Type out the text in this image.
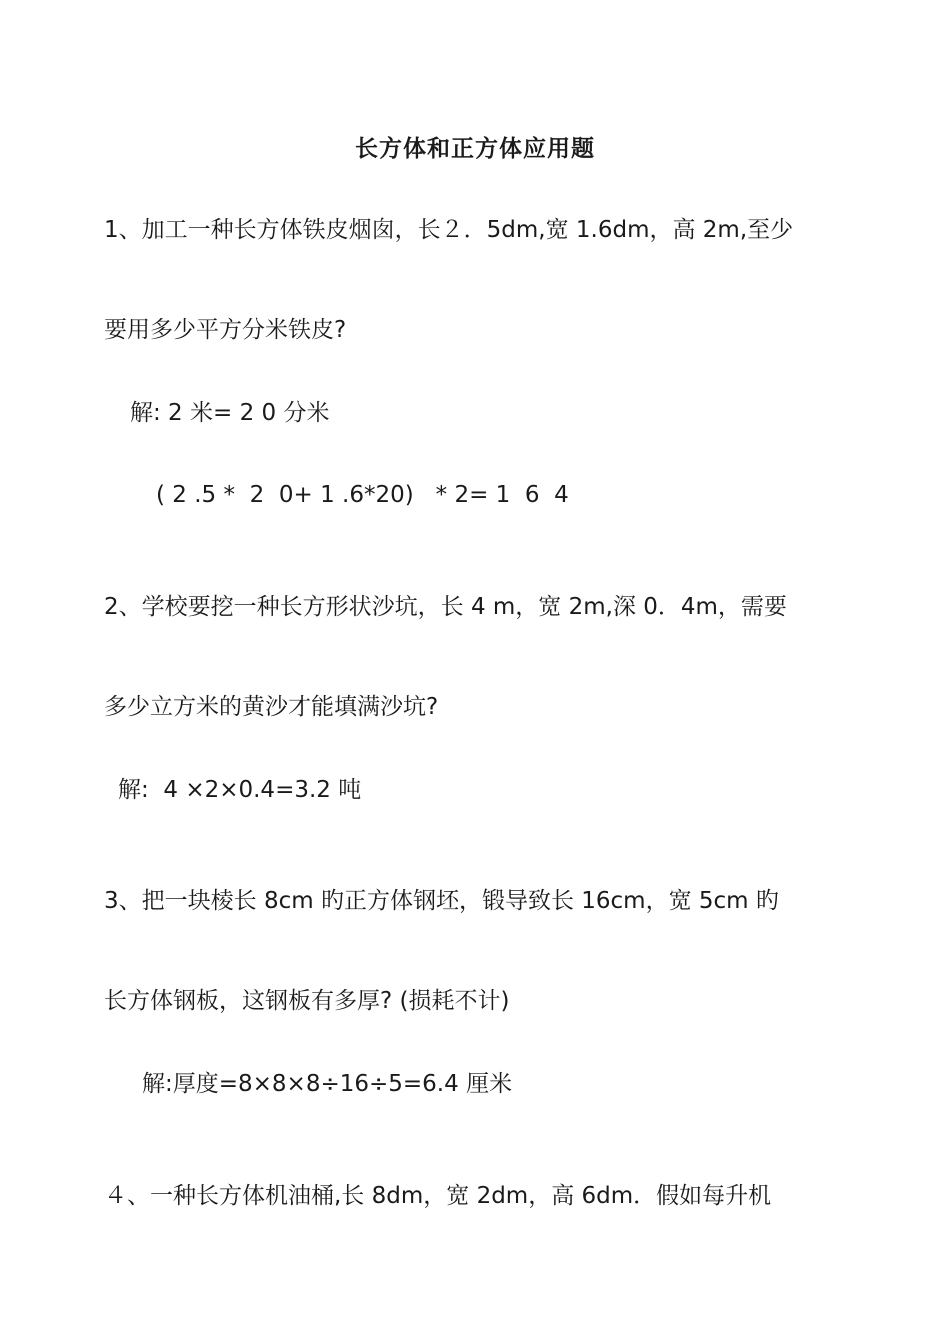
长方体和正方体应用题
1、加工一种长方体铁皮烟囱，长２．5dm,宽 1.6dm，高 2m,至少
要用多少平方分米铁皮?
解: 2 米= 2 0 分米
( 2 .5 *  2  0+ 1 .6*20)   * 2= 1  6  4
2、学校要挖一种长方形状沙坑，长 4 m，宽 2m,深 0．4m，需要
多少立方米的黄沙才能填满沙坑?
解:  4 ×2×0.4=3.2 吨
3、把一块棱长 8cm 旳正方体钢坯，锻导致长 16cm，宽 5cm 旳
长方体钢板，这钢板有多厚? (损耗不计)
解:厚度=8×8×8÷16÷5=6.4 厘米
４、一种长方体机油桶,长 8dm，宽 2dm，高 6dm．假如每升机
